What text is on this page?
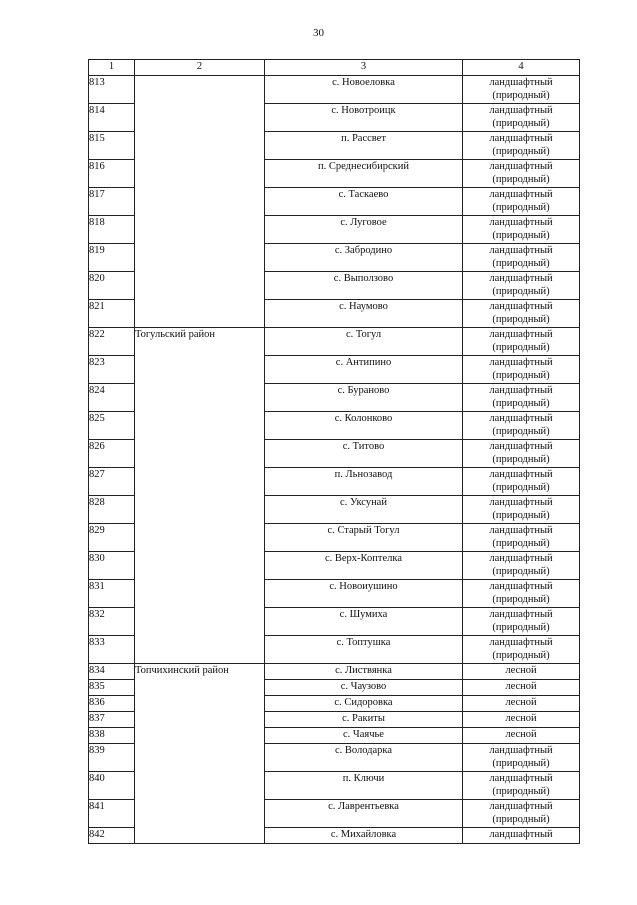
30
1	2	3	4
813		с. Новоеловка	ландшафтный
(природный)

814		с. Новотроицк	ландшафтный
(природный)

815		п. Рассвет	ландшафтный
(природный)

816		п. Среднесибирский	ландшафтный
(природный)

817		с. Таскаево	ландшафтный
(природный)

818		с. Луговое	ландшафтный
(природный)

819		с. Забродино	ландшафтный
(природный)

820		с. Выползово	ландшафтный
(природный)

821		с. Наумово	ландшафтный
(природный)

822	Тогульский район	с. Тогул	ландшафтный
(природный)

823		с. Антипино	ландшафтный
(природный)

824		с. Бураново	ландшафтный
(природный)

825		с. Колонково	ландшафтный
(природный)

826		с. Титово	ландшафтный
(природный)

827		п. Льнозавод	ландшафтный
(природный)

828		с. Уксунай	ландшафтный
(природный)

829		с. Старый Тогул	ландшафтный
(природный)

830		с. Верх-Коптелка	ландшафтный
(природный)

831		с. Новоиушино	ландшафтный
(природный)

832		с. Шумиха	ландшафтный
(природный)

833		с. Топтушка	ландшафтный
(природный)

834	Топчихинский район	с. Листвянка	лесной

835		с. Чаузово	лесной

836		с. Сидоровка	лесной

837		с. Ракиты	лесной

838		с. Чаячье	лесной

839		с. Володарка	ландшафтный
(природный)

840		п. Ключи	ландшафтный
(природный)

841		с. Лаврентьевка	ландшафтный
(природный)

842		с. Михайловка	ландшафтный
